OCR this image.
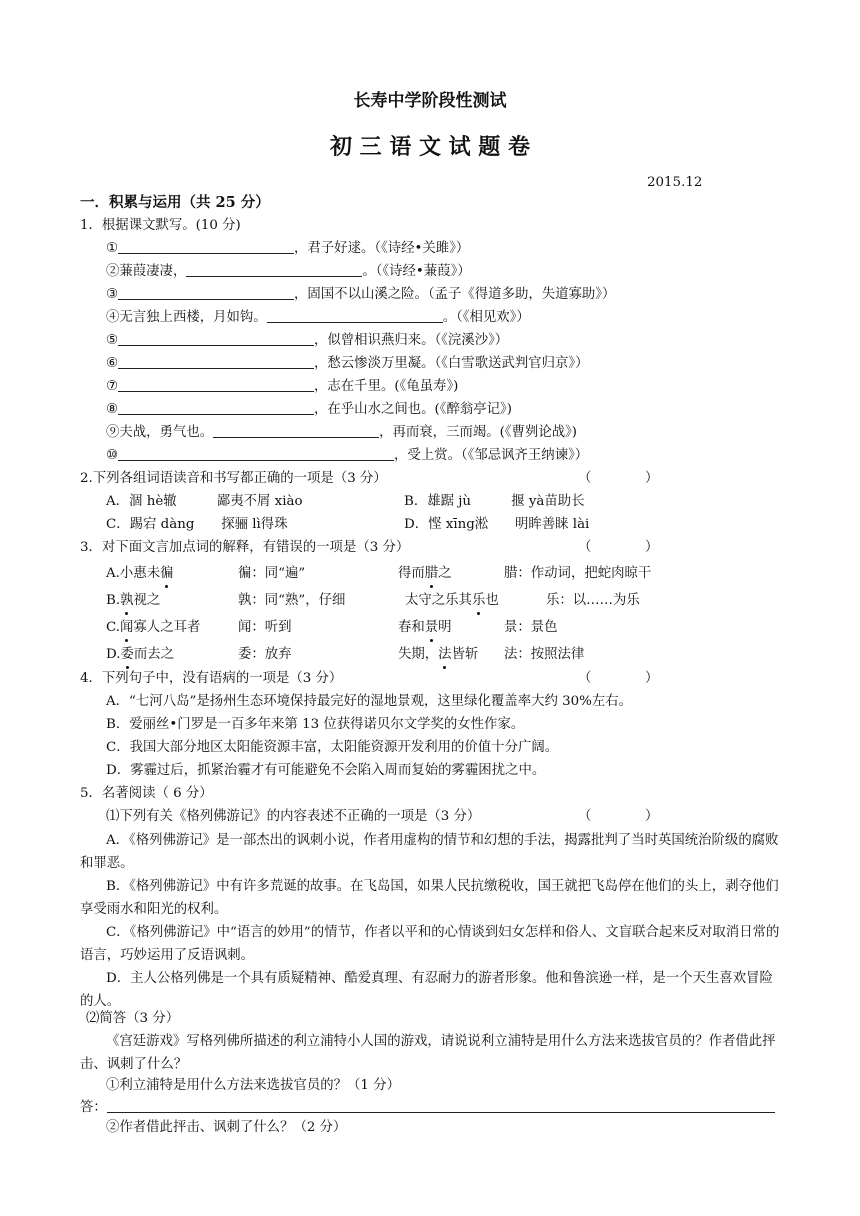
长寿中学阶段性测试
初 三 语 文 试 题 卷
2015.12
一．积累与运用（共 25 分）
1．根据课文默写。(10 分)
①	，君子好逑。（《诗经•关雎》）
②蒹葭凄凄，	。（《诗经•蒹葭》）
③	，固国不以山溪之险。（孟子《得道多助，失道寡助》）
④无言独上西楼，月如钩。	。（《相见欢》）
⑤	，似曾相识燕归来。（《浣溪沙》）
⑥	，愁云惨淡万里凝。（《白雪歌送武判官归京》）
⑦	，志在千里。(《龟虽寿》)
⑧	，在乎山水之间也。(《醉翁亭记》)
⑨夫战，勇气也。	，再而衰，三而竭。(《曹刿论战》)
⑩	，受上赏。（《邹忌讽齐王纳谏》）
2.下列各组词语读音和书写都正确的一项是（3 分）	（　　　　）
A．涸 hè辙　　　鄙夷不屑 xiào	B．雄踞 jù　　　揠 yà苗助长
C．踢宕 dàng　　探骊 lì得珠	D．悭 xīng淞　　明眸善睐 lài
3．对下面文言加点词的解释，有错误的一项是（3 分）	（　　　　）
A.小惠未徧	徧：同“遍”	得而腊之	腊：作动词，把蛇肉晾干
B.孰视之	孰：同“熟”，仔细	太守之乐其乐也	乐：以……为乐
C.闻寡人之耳者	闻：听到	春和景明	景：景色
D.委而去之	委：放弃	失期，法皆斩 法：按照法律
4．下列句子中，没有语病的一项是（3 分）	（　　　　）
A．“七河八岛”是扬州生态环境保持最完好的湿地景观，这里绿化覆盖率大约 30%左右。
B．爱丽丝•门罗是一百多年来第 13 位获得诺贝尔文学奖的女性作家。
C．我国大部分地区太阳能资源丰富，太阳能资源开发利用的价值十分广阔。
D．雾霾过后，抓紧治霾才有可能避免不会陷入周而复始的雾霾困扰之中。
5．名著阅读（ 6 分）
⑴下列有关《格列佛游记》的内容表述不正确的一项是（3 分）	（　　　　）
A．《格列佛游记》是一部杰出的讽刺小说，作者用虚构的情节和幻想的手法，揭露批判了当时英国统治阶级的腐败和罪恶。
B．《格列佛游记》中有许多荒诞的故事。在飞岛国，如果人民抗缴税收，国王就把飞岛停在他们的头上，剥夺他们享受雨水和阳光的权利。
C．《格列佛游记》中“语言的妙用”的情节，作者以平和的心情谈到妇女怎样和俗人、文盲联合起来反对取消日常的语言，巧妙运用了反语讽刺。
D．主人公格列佛是一个具有质疑精神、酷爱真理、有忍耐力的游者形象。他和鲁滨逊一样，是一个天生喜欢冒险的人。
⑵简答（3 分）
《宫廷游戏》写格列佛所描述的利立浦特小人国的游戏，请说说利立浦特是用什么方法来选拔官员的？作者借此抨击、讽刺了什么？
①利立浦特是用什么方法来选拔官员的？（1 分）
答：
②作者借此抨击、讽刺了什么？（2 分）
